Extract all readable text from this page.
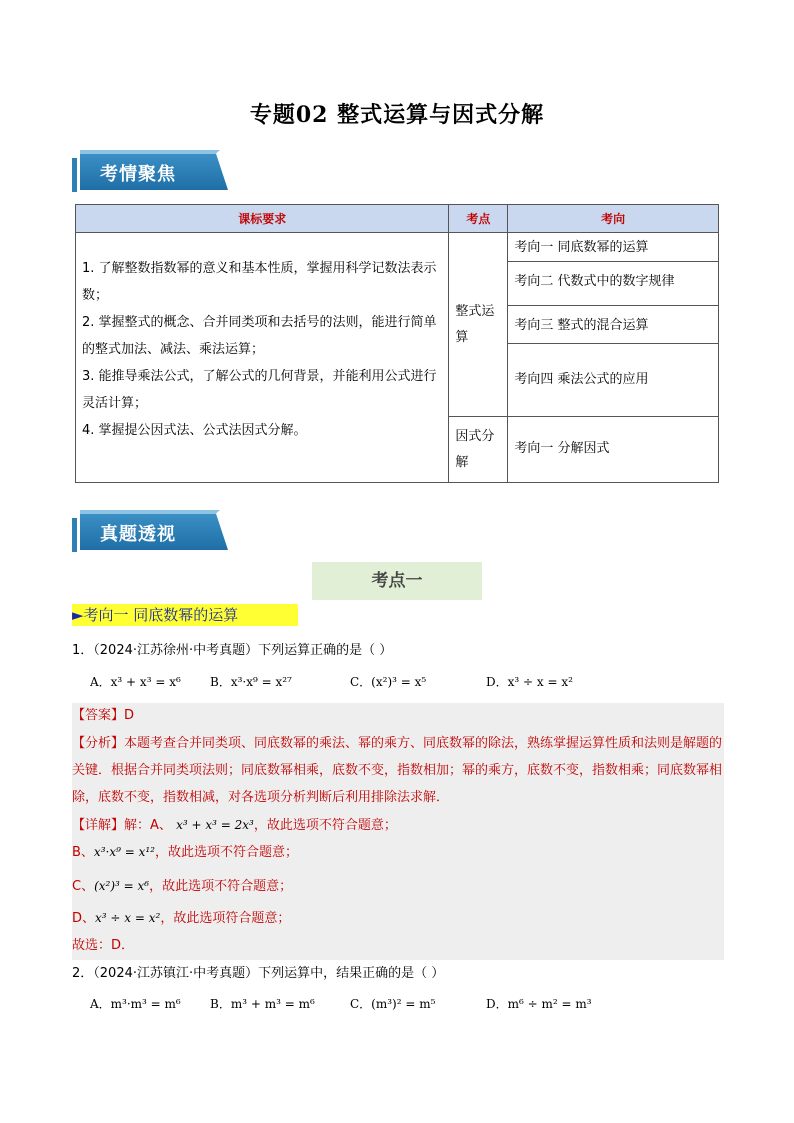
专题02 整式运算与因式分解
考情聚焦
课标要求	考点	考向

1. 了解整数指数幂的意义和基本性质，掌握用科学记数法表示数；
2. 掌握整式的概念、合并同类项和去括号的法则，能进行简单的整式加法、减法、乘法运算；
3. 能推导乘法公式，了解公式的几何背景，并能利用公式进行灵活计算；
4. 掌握提公因式法、公式法因式分解。	整式运算	考向一 同底数幂的运算

		考向二 代数式中的数字规律

		考向三 整式的混合运算

		考向四 乘法公式的应用

	因式分解	考向一 分解因式
真题透视
考点一
►考向一 同底数幂的运算
1．（2024·江苏徐州·中考真题）下列运算正确的是（ ）
A．x³ + x³ = x⁶	B．x³·x⁹ = x²⁷	C．(x²)³ = x⁵	D．x³ ÷ x = x²
【答案】D
【分析】本题考查合并同类项、同底数幂的乘法、幂的乘方、同底数幂的除法，熟练掌握运算性质和法则是解题的关键．根据合并同类项法则；同底数幂相乘，底数不变，指数相加；幂的乘方，底数不变，指数相乘；同底数幂相除，底数不变，指数相减，对各选项分析判断后利用排除法求解．
【详解】解：A、 x³ + x³ = 2x³，故此选项不符合题意；
B、x³·x⁹ = x¹²，故此选项不符合题意；
C、(x²)³ = x⁶，故此选项不符合题意；
D、x³ ÷ x = x²，故此选项符合题意；
故选：D．
2．（2024·江苏镇江·中考真题）下列运算中，结果正确的是（ ）
A．m³·m³ = m⁶	B．m³ + m³ = m⁶	C．(m³)² = m⁵	D．m⁶ ÷ m² = m³
